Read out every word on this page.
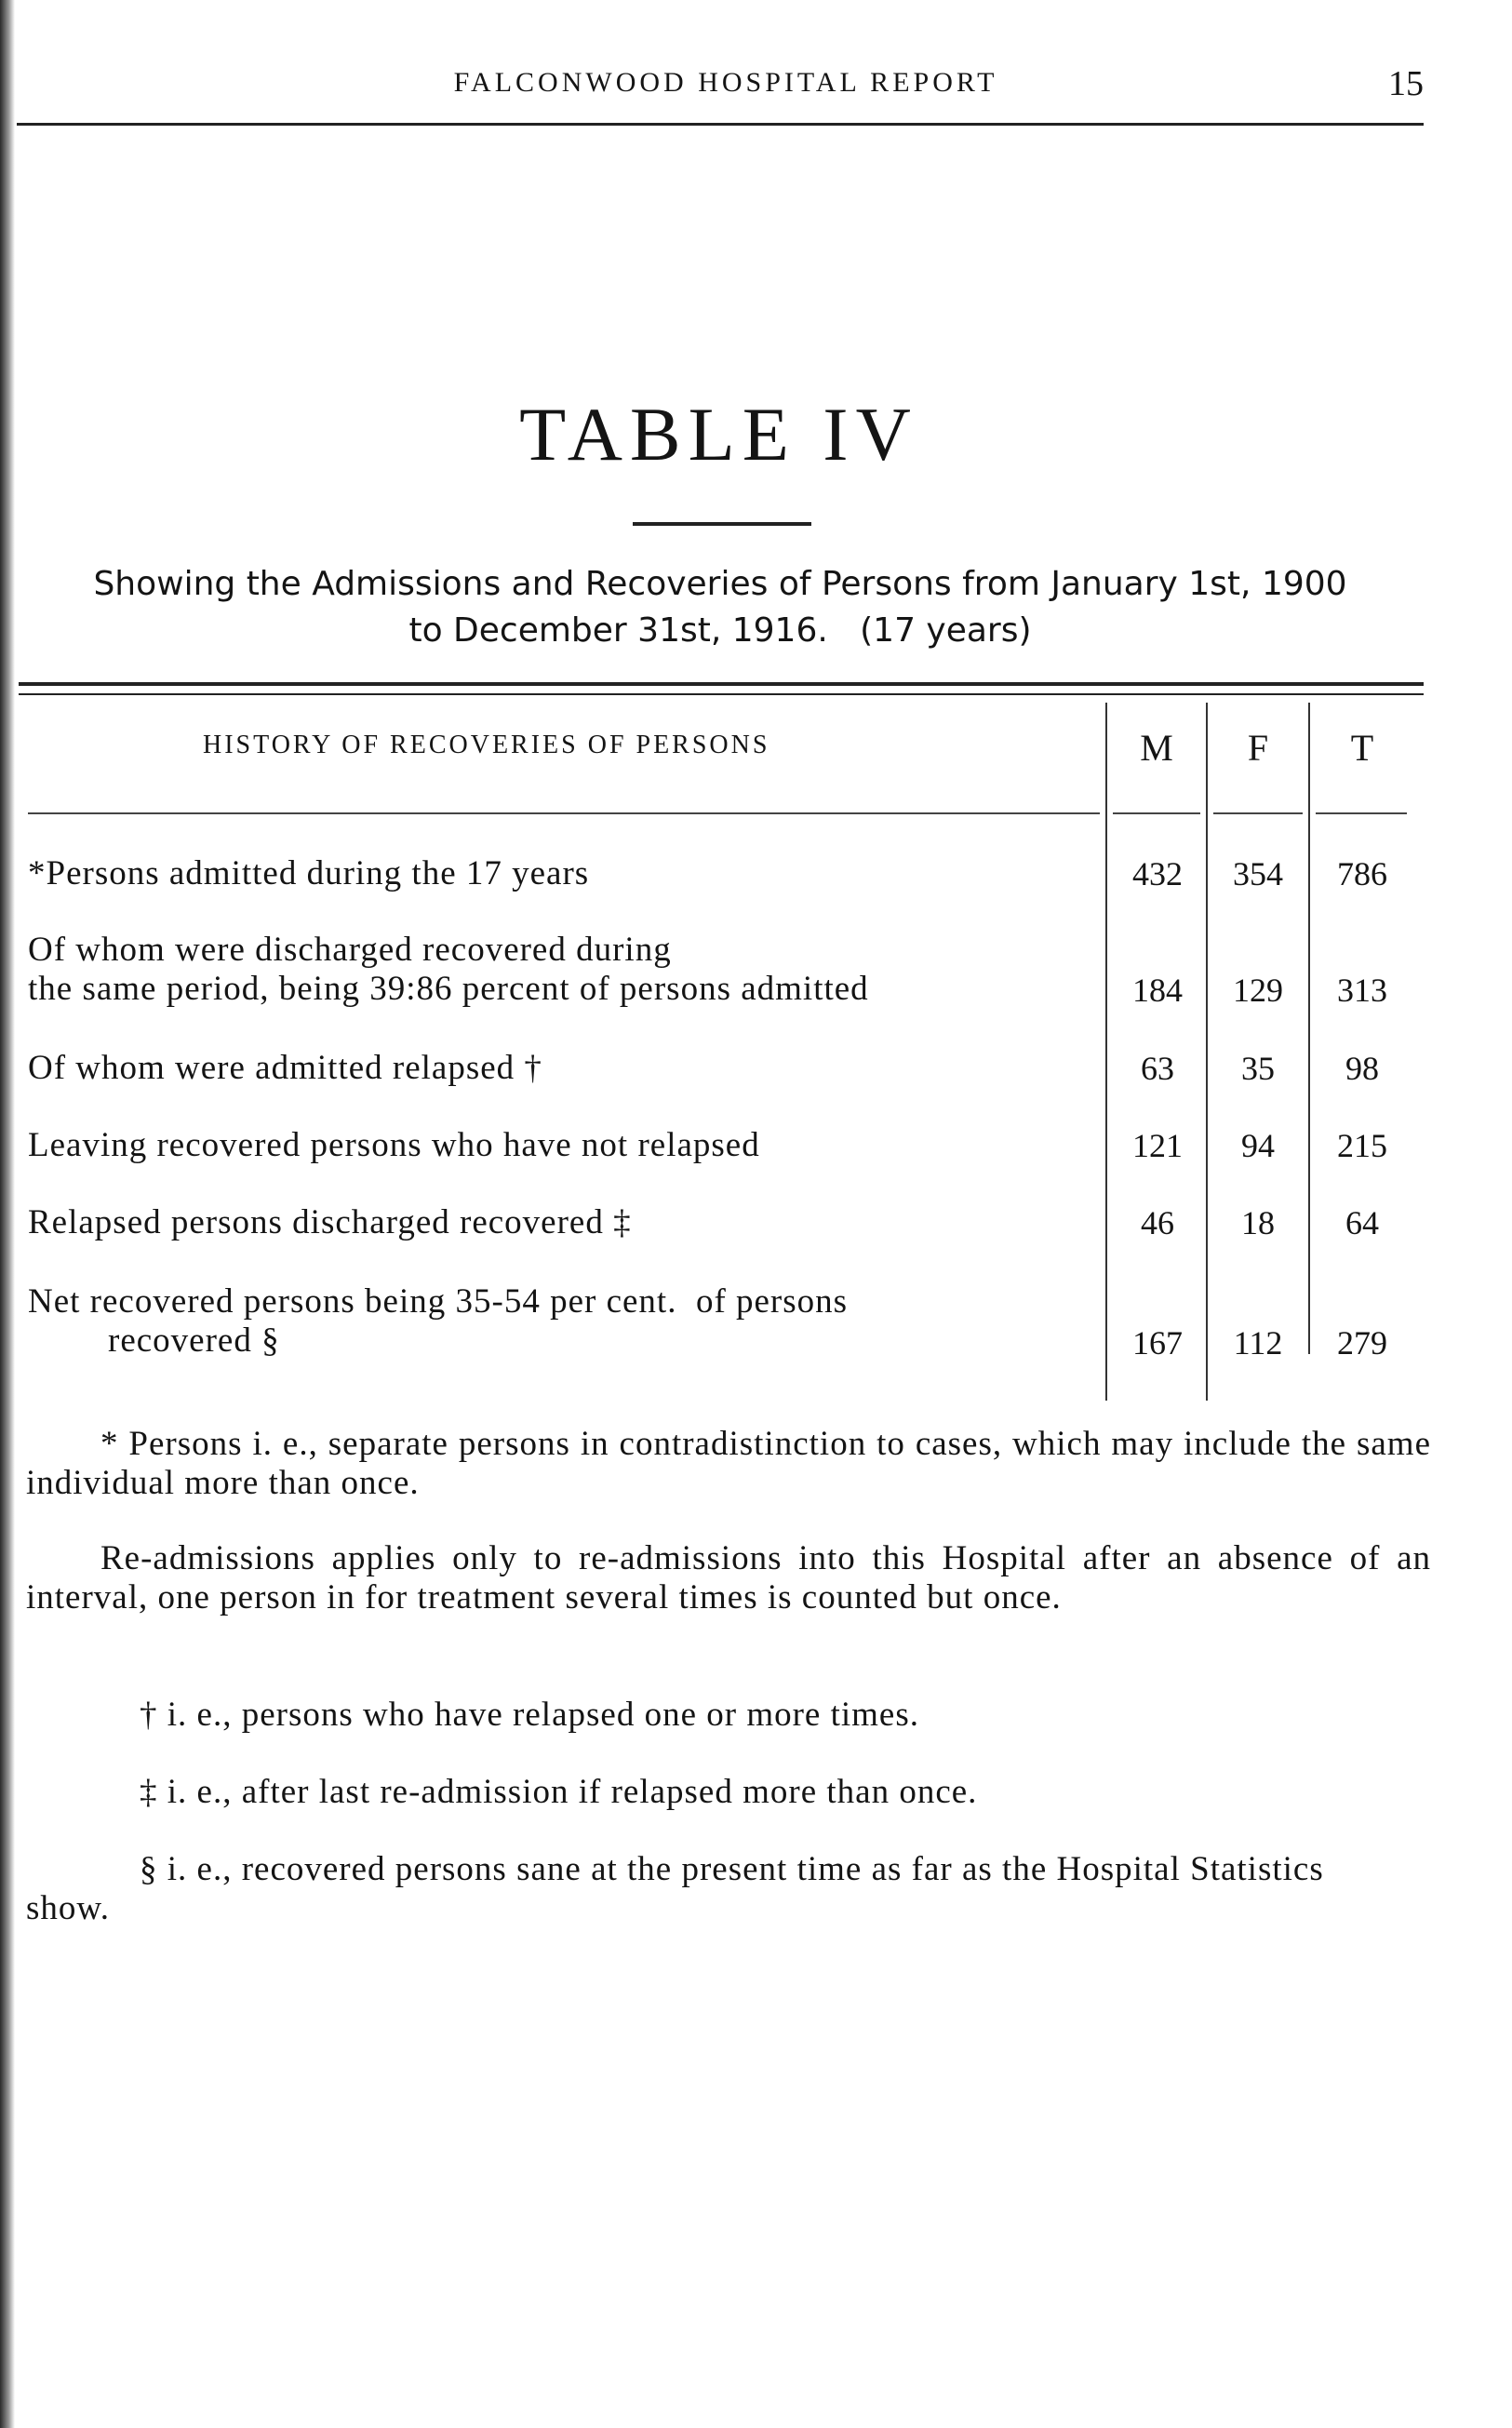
FALCONWOOD HOSPITAL REPORT	15
TABLE IV
Showing the Admissions and Recoveries of Persons from January 1st, 1900
to December 31st, 1916.   (17 years)
HISTORY OF RECOVERIES OF PERSONS	M	F	T
*Persons admitted during the 17 years	432	354	786
Of whom were discharged recovered during
the same period, being 39:86 percent of persons admitted	184	129	313
Of whom were admitted relapsed †	63	35	98
Leaving recovered persons who have not relapsed	121	94	215
Relapsed persons discharged recovered ‡	46	18	64
Net recovered persons being 35-54 per cent.  of persons
recovered §	167	112	279
* Persons i. e., separate persons in contradistinction to cases, which may include the same individual more than once.
Re-admissions applies only to re-admissions into this Hospital after an absence of an interval, one person in for treatment several times is counted but once.
† i. e., persons who have relapsed one or more times.
‡ i. e., after last re-admission if relapsed more than once.
§ i. e., recovered persons sane at the present time as far as the Hospital Statistics show.
